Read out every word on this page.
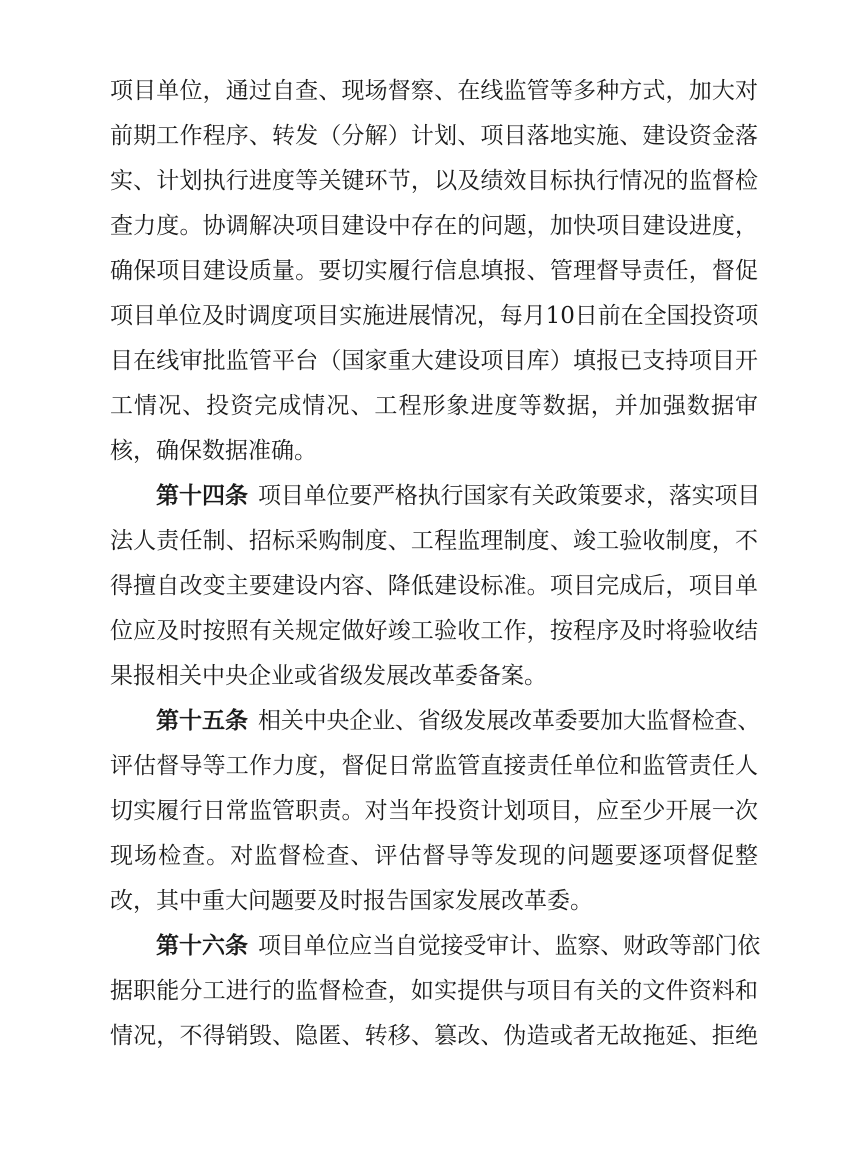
项目单位，通过自查、现场督察、在线监管等多种方式，加大对
前期工作程序、转发（分解）计划、项目落地实施、建设资金落
实、计划执行进度等关键环节，以及绩效目标执行情况的监督检
查力度。协调解决项目建设中存在的问题，加快项目建设进度，
确保项目建设质量。要切实履行信息填报、管理督导责任，督促
项目单位及时调度项目实施进展情况，每月10日前在全国投资项
目在线审批监管平台（国家重大建设项目库）填报已支持项目开
工情况、投资完成情况、工程形象进度等数据，并加强数据审
核，确保数据准确。
第十四条 项目单位要严格执行国家有关政策要求，落实项目
法人责任制、招标采购制度、工程监理制度、竣工验收制度，不
得擅自改变主要建设内容、降低建设标准。项目完成后，项目单
位应及时按照有关规定做好竣工验收工作，按程序及时将验收结
果报相关中央企业或省级发展改革委备案。
第十五条 相关中央企业、省级发展改革委要加大监督检查、
评估督导等工作力度，督促日常监管直接责任单位和监管责任人
切实履行日常监管职责。对当年投资计划项目，应至少开展一次
现场检查。对监督检查、评估督导等发现的问题要逐项督促整
改，其中重大问题要及时报告国家发展改革委。
第十六条 项目单位应当自觉接受审计、监察、财政等部门依
据职能分工进行的监督检查，如实提供与项目有关的文件资料和
情况，不得销毁、隐匿、转移、篡改、伪造或者无故拖延、拒绝
